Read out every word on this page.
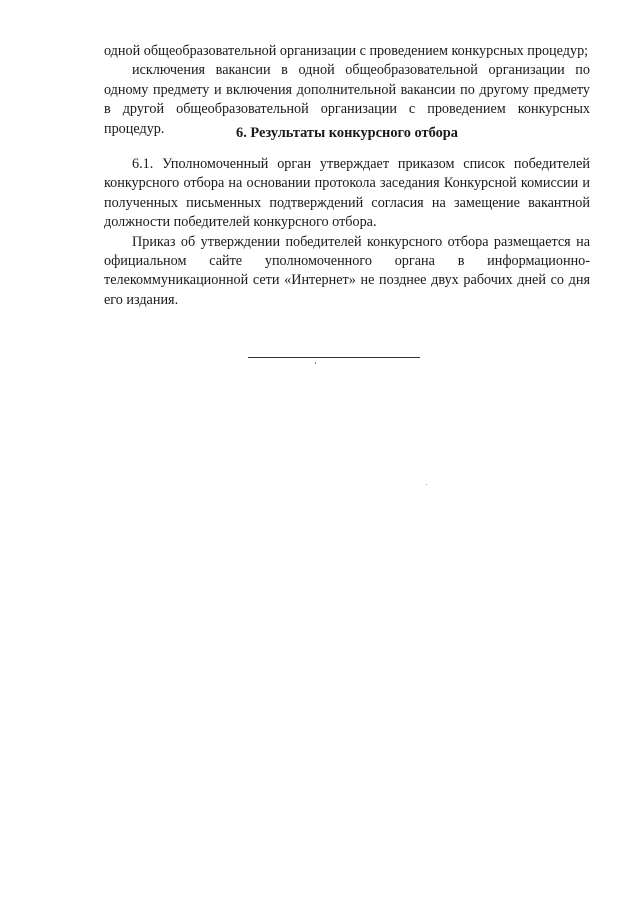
одной общеобразовательной организации с проведением конкурсных процедур;

исключения вакансии в одной общеобразовательной организации по одному предмету и включения дополнительной вакансии по другому предмету в другой общеобразовательной организации с проведением конкурсных процедур.	6. Результаты конкурсного отбора

6.1. Уполномоченный орган утверждает приказом список победителей конкурсного отбора на основании протокола заседания Конкурсной комиссии и полученных письменных подтверждений согласия на замещение вакантной должности победителей конкурсного отбора.

Приказ об утверждении победителей конкурсного отбора размещается на официальном сайте уполномоченного органа в информационно-телекоммуникационной сети «Интернет» не позднее двух рабочих дней со дня его издания.
